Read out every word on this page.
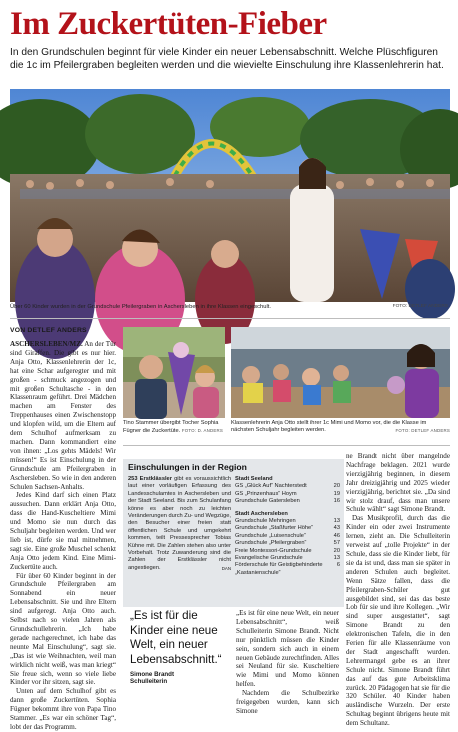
Im Zuckertüten-Fieber
In den Grundschulen beginnt für viele Kinder ein neuer Lebensabschnitt. Welche Plüschfiguren die 1c im Pfeilergraben begleiten werden und die wievielte Einschulung ihre Klassenlehrerin hat.
Über 60 Kinder wurden in der Grundschule Pfeilergraben in Aschersleben in ihre Klassen eingeschult.	FOTO: DETLEF ANDERS
VON DETLEF ANDERS

ASCHERSLEBEN/MZ. An der Tür sind Giraffen. Die gibt es nur hier. Anja Otto, Klassenlehrerin der 1c, hat eine Schar aufgeregter und mit großen - schmuck angezogen und mit großen Schultasche - in den Klassenraum geführt. Drei Mädchen machen am Fenster des Treppenhauses einen Zwischenstopp und klopfen wild, um die Eltern auf dem Schulhof aufmerksam zu machen. Dann kommandiert eine von ihnen: „Los gehts Mädels! Wir müssen!“ Es ist Einschulung in der Grundschule am Pfeilergraben in Aschersleben. So wie in den anderen Schulen Sachsen-Anhalts.

Jedes Kind darf sich einen Platz aussuchen. Dann erklärt Anja Otto, dass die Hand-Kuscheltiere Mimi und Momo sie nun durch das Schuljahr begleiten werden. Und wer lieb ist, dürfe sie mal mitnehmen, sagt sie. Eine große Muschel schenkt Anja Otto jedem Kind. Eine Mimi-Zuckertüte auch.

Für über 60 Kinder beginnt in der Grundschule Pfeilergraben am Sonnabend ein neuer Lebensabschnitt. Sie und ihre Eltern sind aufgeregt. Anja Otto auch. Selbst nach so vielen Jahren als Grundschullehrerin. „Ich habe gerade nachgerechnet, ich habe das neunte Mal Einschulung“, sagt sie. „Das ist wie Weihnachten, weil man wirklich nicht weiß, was man kriegt“ Sie freue sich, wenn so viele liebe Kinder vor ihr sitzen, sagt sie.

Unten auf dem Schulhof gibt es dann große Zuckertüten. Sophia Fügner bekommt ihre von Papa Tino Stammer. „Es war ein schöner Tag“, lobt der das Programm.

Tino Stammer übergibt Tocher Sophia Fügner die Zuckertüte. FOTO: D. ANDERS
Klassenlehrerin Anja Otto stellt ihrer 1c Mimi und Momo vor, die die Klasse im nächsten Schuljahr begleiten werden.	FOTO: DETLEF ANDERS
Einschulungen in der Region
253 Erstklässler gibt es voraussichtlich laut einer vorläufigen Erfassung des Landesschulamtes in Aschersleben und der Stadt Seeland. Bis zum Schulanfang könne es aber noch zu leichten Veränderungen durch Zu- und Wegzüge, den Besucher einer freien statt öffentlichen Schule und umgekehrt kommen, teilt Pressesprecher Tobias Kühne mit. Die Zahlen stehen also unter Vorbehalt. Trotz Zuwanderung sind die Zahlen der Erstklässler nicht angestiegen.	DAN
Stadt Seeland
GS „Glück Auf“ Nachterstedt	20
GS „Prinzenhaus“ Hoym	19
Grundschule Gatersleben	16
Stadt Aschersleben
Grundschule Mehringen	13
Grundschule „Staßfurter Höhe“	43
Grundschule „Luisenschule“	46
Grundschule „Pfeilergraben“	57
Freie Montessori-Grundschule	20
Evangelische Grundschule	13
Förderschule für Geistigbehinderte	6
„Kastanienschule“
„Es ist für die Kinder eine neue Welt, ein neuer Lebensabschnitt.“
Simone Brandt
Schulleiterin

„Es ist für eine neue Welt, ein neuer Lebensabschnitt“, weiß Schulleiterin Simone Brandt. Nicht nur pünktlich müssen die Kinder sein, sondern sich auch in einem neuen Gebäude zurechtfinden. Alles sei Neuland für sie. Kuscheltiere wie Mimi und Momo können helfen.

Nachdem die Schulbezirke freigegeben wurden, kann sich Simone

ne Brandt nicht über mangelnde Nachfrage beklagen. 2021 wurde vierzigjährig beginnen, in diesem Jahr dreizigjährig und 2025 wieder vierzigjährig, berichtet sie. „Da sind wir stolz drauf, dass man unsere Schule wählt“ sagt Simone Brandt.

Das Musikprofil, durch das die Kinder ein oder zwei Instrumente lernen, zieht an. Die Schulleiterin verweist auf „tolle Projekte“ in der Schule, dass sie die Kinder liebt, für sie da ist und, dass man sie später in anderen Schulen auch begleitet. Wenn Sätze fallen, dass die Pfeilergraben-Schüler gut ausgebildet sind, sei das das beste Lob für sie und ihre Kollegen. „Wir sind super ausgestattet“, sagt Simone Brandt zu den elektronischen Tafeln, die in den Ferien für alle Klassenräume von der Stadt angeschafft wurden. Lehrermangel gebe es an ihrer Schule nicht. Simone Brandt führt das auf das gute Arbeitsklima zurück. 20 Pädagogen hat sie für die 320 Schüler. 40 Kinder haben ausländische Wurzeln. Der erste Schultag beginnt übrigens heute mit dem Schultanz.
